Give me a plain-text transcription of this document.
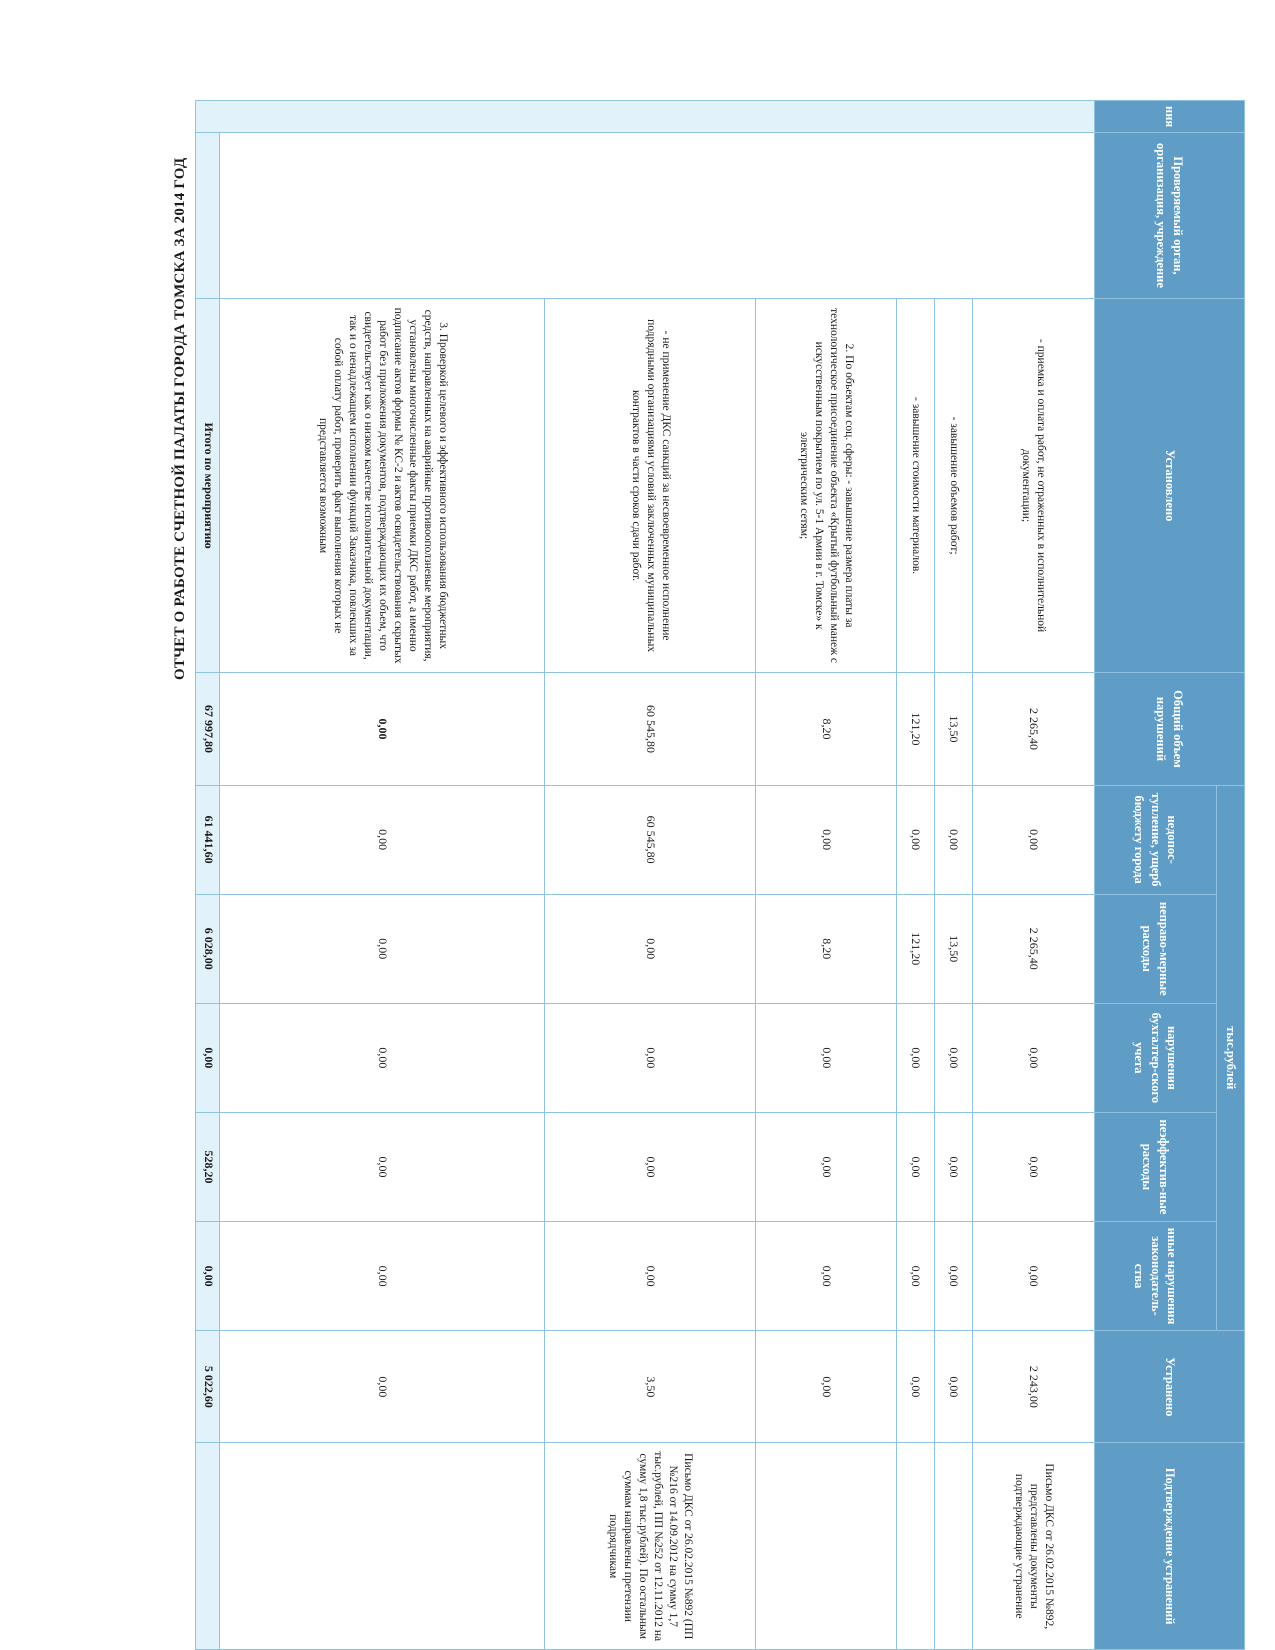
ОТЧЕТ О РАБОТЕ СЧЕТНОЙ ПАЛАТЫ ГОРОДА ТОМСКА ЗА 2014 ГОД
ния	Проверяемый орган, организация, учреждение	Установлено	Общий объем нарушений	тыс.рублей					Устранено	Подтверждение устранений
				недопос-тупление, ущерб бюджету города	неправо-мерные расходы	нарушения бухгалтер-ского учета	неэффектив-ные расходы	иные нарушения законодатель-ства		
		- приемка и оплата работ, не отраженных в исполнительной документации;	2 265,40	0,00	2 265,40	0,00	0,00	0,00	2 243,00	Письмо ДКС от 26.02.2015 №892, представлены документы подтверждающие устранение
		- завышение объемов работ;	13,50	0,00	13,50	0,00	0,00	0,00	0,00	
		- завышение стоимости материалов.	121,20	0,00	121,20	0,00	0,00	0,00	0,00	
		2. По объектам соц. сферы: - завышение размера платы за технологическое присоединение объекта «Крытый футбольный манеж с искусственным покрытием по ул. 5-1 Армии в г. Томске» к электрическим сетям;	8,20	0,00	8,20	0,00	0,00	0,00	0,00	
		- не применение ДКС санкций за несвоевременное исполнение подрядными организациями условий заключенных муниципальных контрактов в части сроков сдачи работ.	60 545,80	60 545,80	0,00	0,00	0,00	0,00	3,50	Письмо ДКС от 26.02.2015 №892 (ПП №216 от 14.09.2012 на сумму 1,7 тыс.рублей, ПП №252 от 12.11.2012 на сумму 1,8 тыс.рублей). По остальным суммам направлены претензии подрядчикам
		3. Проверкой целевого и эффективного использования бюджетных средств, направленных на аварийные противооползневые мероприятия, установлены многочисленные факты приемки ДКС работ, а именно подписание актов формы № КС-2 и актов освидетельствования скрытых работ без приложения документов, подтверждающих их объем, что свидетельствует как о низком качестве исполнительной документации, так и о ненадлежащем исполнении функций Заказчика, повлекших за собой оплату работ, проверить факт выполнения которых не представляется возможным	0,00	0,00	0,00	0,00	0,00	0,00	0,00	
		Итого по мероприятию	67 997,80	61 441,60	6 028,00	0,00	528,20	0,00	5 022,60	
